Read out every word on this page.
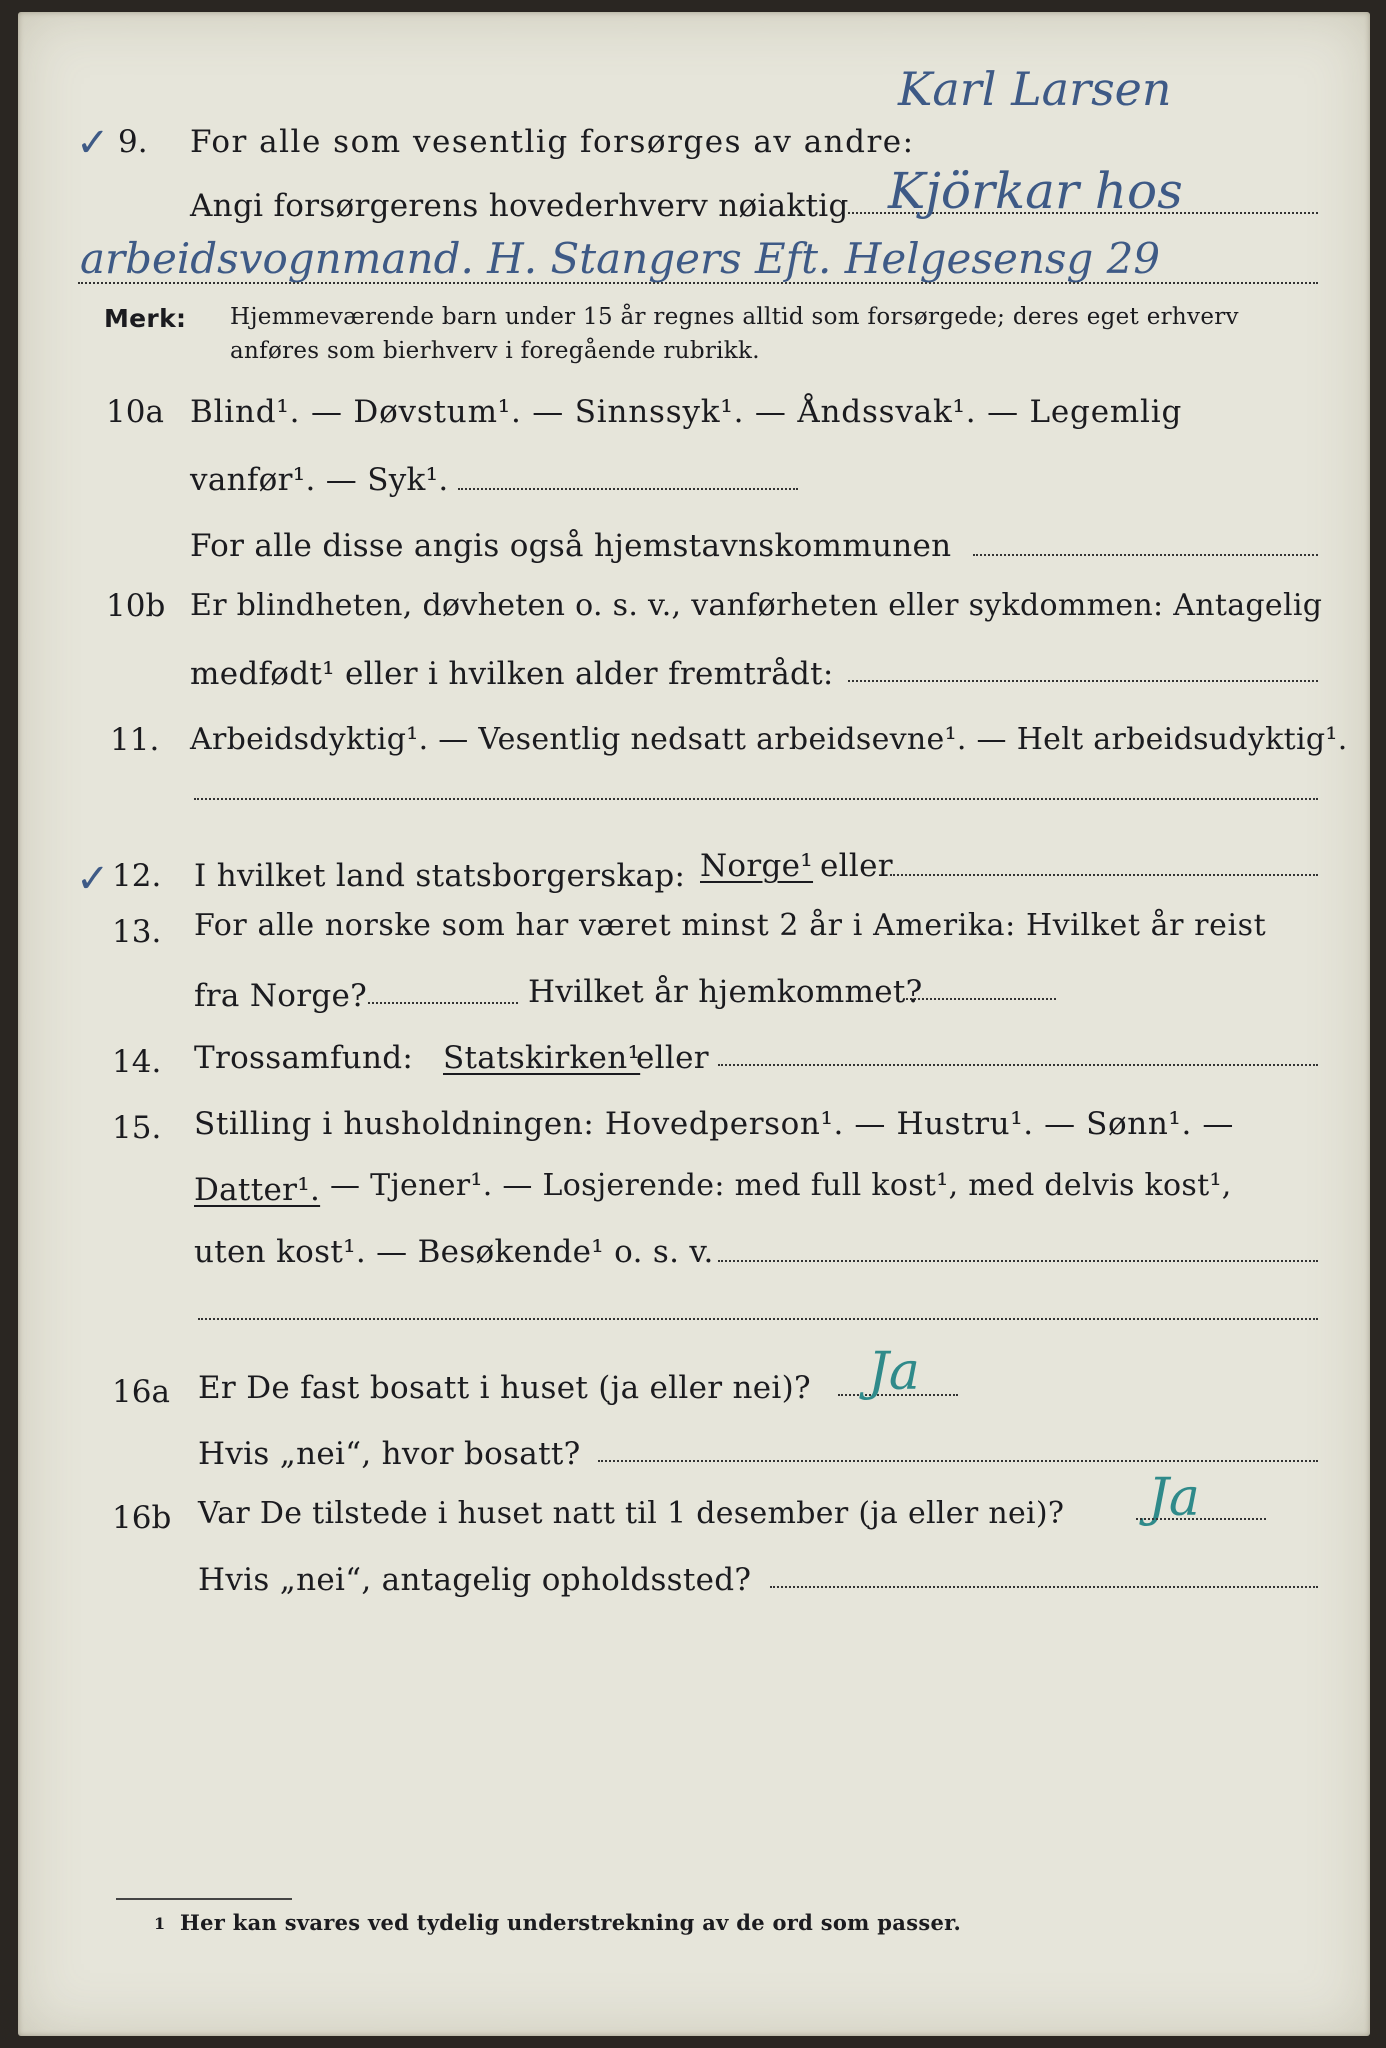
Karl Larsen
✓ 9. For alle som vesentlig forsørges av andre:
Angi forsørgerens hovederhverv nøiaktig Kjörkar hos
arbeidsvognmand. H. Stangers Eft. Helgesensg 29
Merk: Hjemmeværende barn under 15 år regnes alltid som forsørgede; deres eget erhverv
anføres som bierhverv i foregående rubrikk.
10a Blind¹. — Døvstum¹. — Sinnssyk¹. — Åndssvak¹. — Legemlig
vanfør¹. — Syk¹.
For alle disse angis også hjemstavnskommunen
10b Er blindheten, døvheten o. s. v., vanførheten eller sykdommen: Antagelig
medfødt¹ eller i hvilken alder fremtrådt:
11. Arbeidsdyktig¹. — Vesentlig nedsatt arbeidsevne¹. — Helt arbeidsudyktig¹.
✓ 12. I hvilket land statsborgerskap: Norge¹ eller
13. For alle norske som har været minst 2 år i Amerika: Hvilket år reist
fra Norge?	Hvilket år hjemkommet?
14. Trossamfund: Statskirken¹
eller
15. Stilling i husholdningen: Hovedperson¹. — Hustru¹. — Sønn¹. —
Datter¹. — Tjener¹. — Losjerende: med full kost¹, med delvis kost¹,
uten kost¹. — Besøkende¹ o. s. v.
16a Er De fast bosatt i huset (ja eller nei)? Ja
Hvis „nei“, hvor bosatt?
16b Var De tilstede i huset natt til 1 desember (ja eller nei)? Ja
Hvis „nei“, antagelig opholdssted?
1 Her kan svares ved tydelig understrekning av de ord som passer.
